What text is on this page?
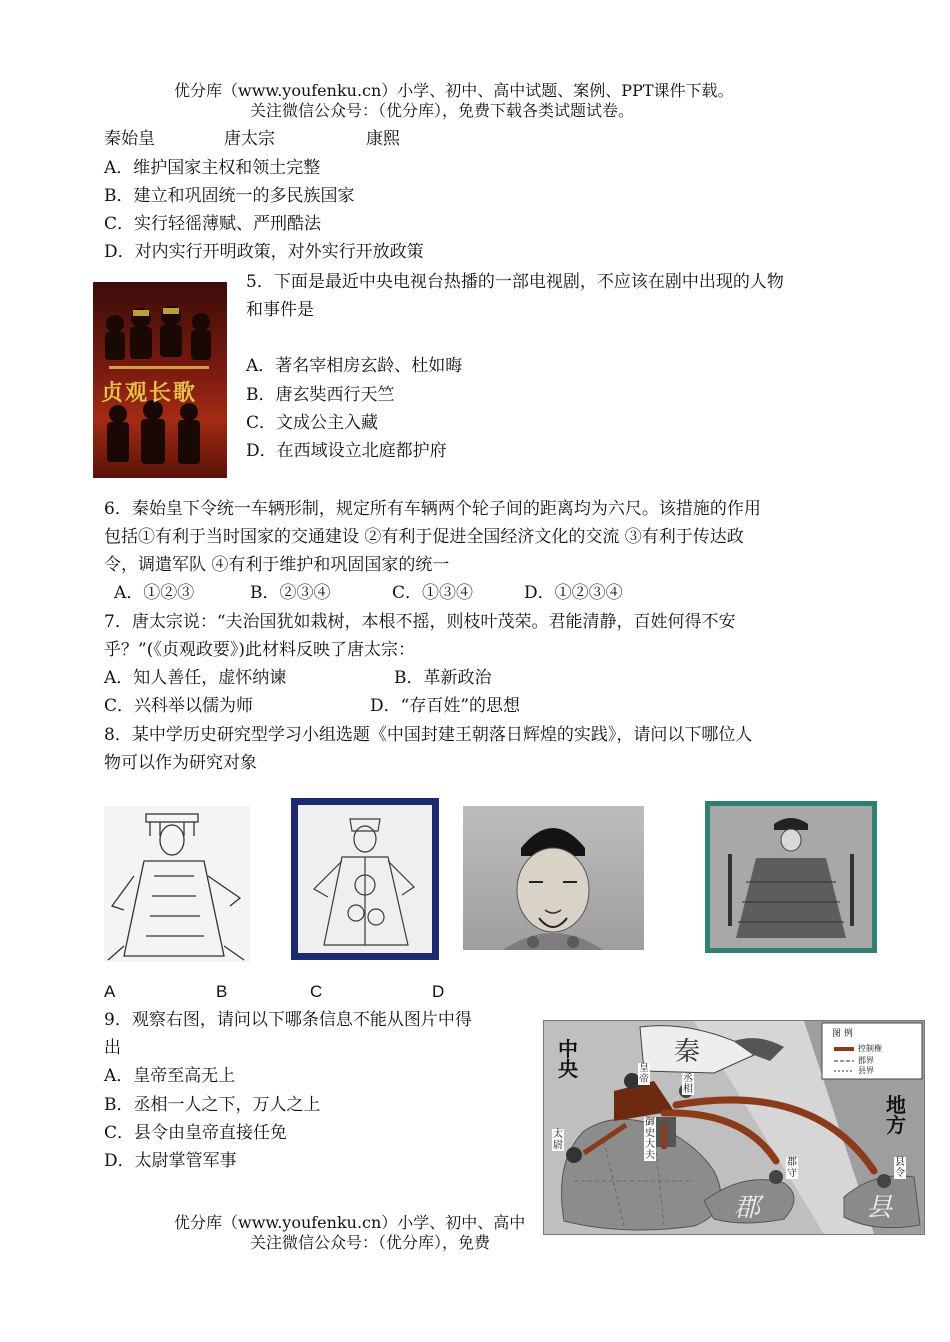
优分库（www.youfenku.cn）小学、初中、高中试题、案例、PPT课件下载。
关注微信公众号：（优分库），免费下载各类试题试卷。
秦始皇	唐太宗	康熙
A．维护国家主权和领土完整
B．建立和巩固统一的多民族国家
C．实行轻徭薄赋、严刑酷法
D．对内实行开明政策，对外实行开放政策
贞观长歌
5．下面是最近中央电视台热播的一部电视剧，不应该在剧中出现的人物
和事件是
A．著名宰相房玄龄、杜如晦
B．唐玄奘西行天竺
C．文成公主入藏
D．在西域设立北庭都护府
6．秦始皇下令统一车辆形制，规定所有车辆两个轮子间的距离均为六尺。该措施的作用
包括①有利于当时国家的交通建设 ②有利于促进全国经济文化的交流 ③有利于传达政
令，调遣军队 ④有利于维护和巩固国家的统一
A．①②③	B．②③④	C．①③④	D．①②③④
7．唐太宗说：“夫治国犹如栽树，本根不摇，则枝叶茂荣。君能清静，百姓何得不安
乎？”(《贞观政要》)此材料反映了唐太宗：
A．知人善任，虚怀纳谏	B．革新政治
C．兴科举以儒为师	D．“存百姓”的思想
8．某中学历史研究型学习小组选题《中国封建王朝落日辉煌的实践》，请问以下哪位人
物可以作为研究对象
A	B	C	D
9．观察右图，请问以下哪条信息不能从图片中得
出
A．皇帝至高无上
B．丞相一人之下，万人之上
C．县令由皇帝直接任免
D．太尉掌管军事
中央
地方
秦
皇帝	丞相
太尉
御史大夫
郡守
县令
郡	县
图 例
控制権
郡界
县界
优分库（www.youfenku.cn）小学、初中、高中
关注微信公众号：（优分库），免费
